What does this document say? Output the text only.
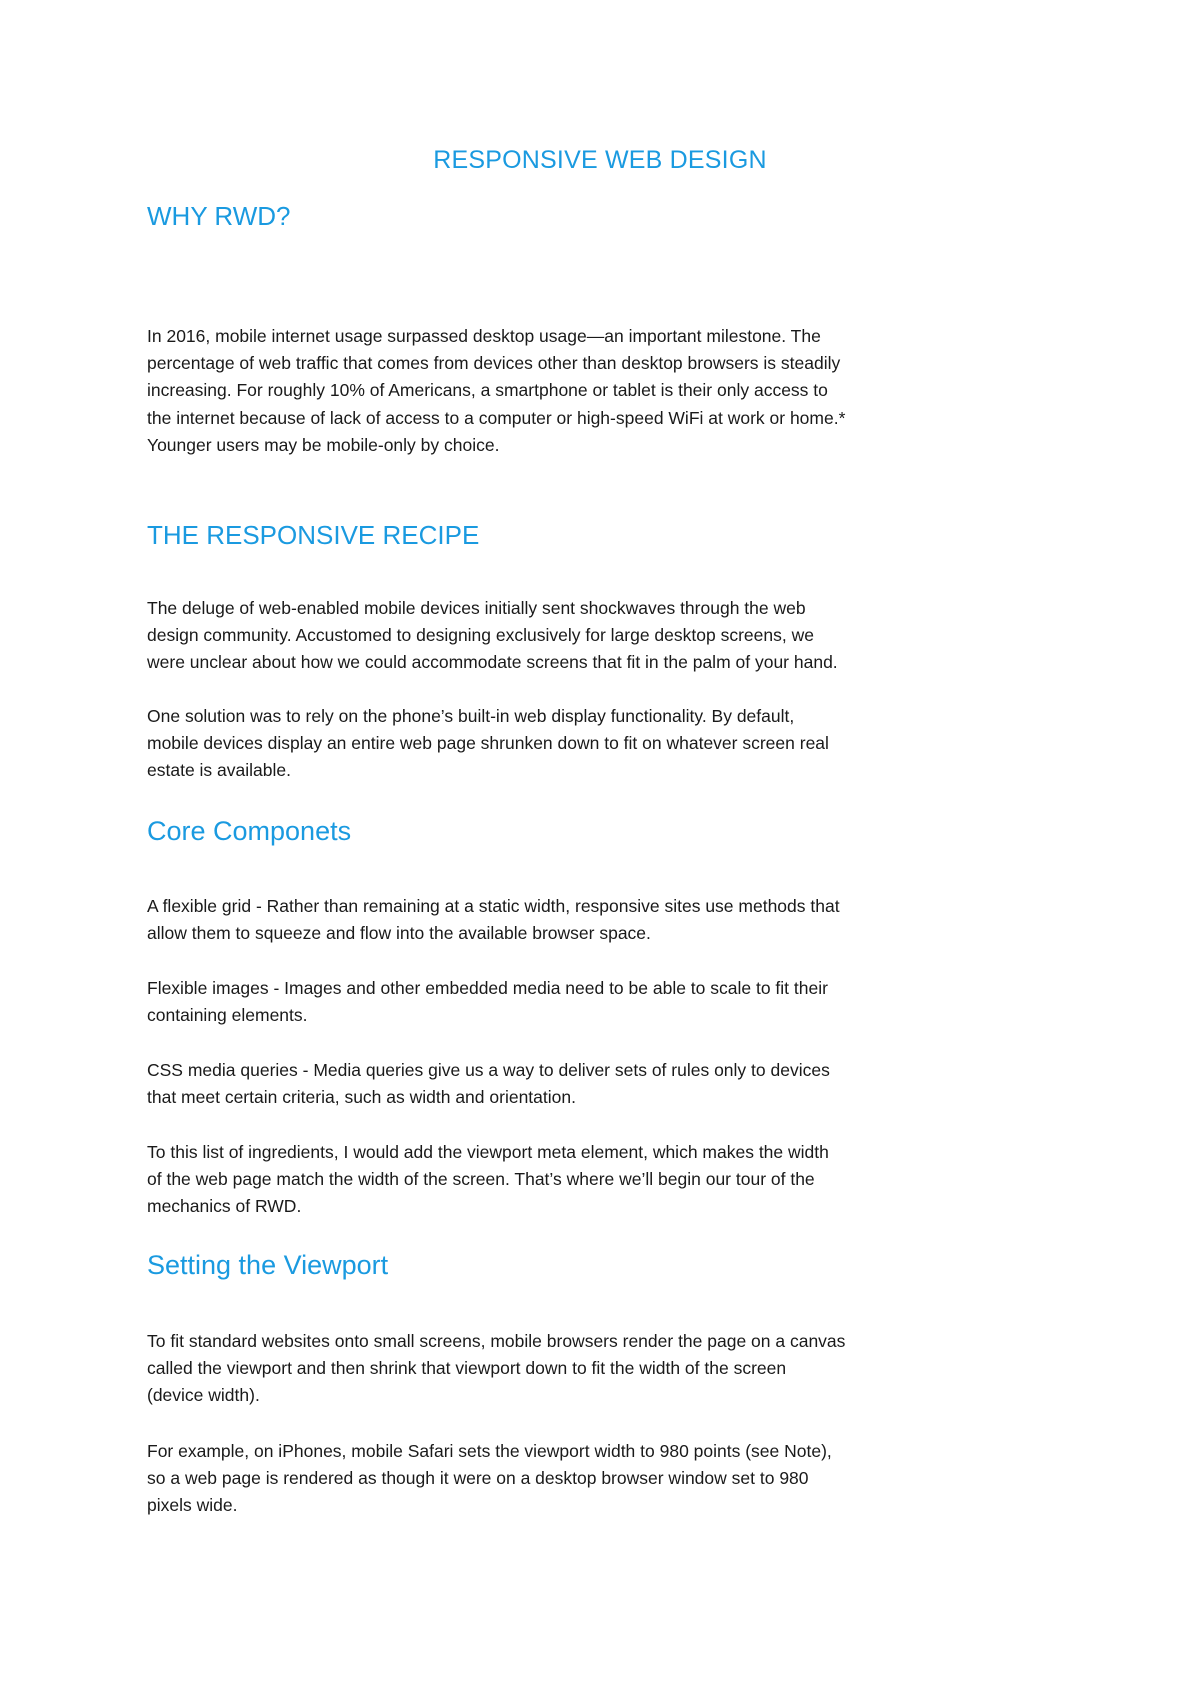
RESPONSIVE WEB DESIGN
WHY RWD?

In 2016, mobile internet usage surpassed desktop usage—an important milestone. The
percentage of web traffic that comes from devices other than desktop browsers is steadily
increasing. For roughly 10% of Americans, a smartphone or tablet is their only access to
the internet because of lack of access to a computer or high-speed WiFi at work or home.*
Younger users may be mobile-only by choice.

THE RESPONSIVE RECIPE

The deluge of web-enabled mobile devices initially sent shockwaves through the web
design community. Accustomed to designing exclusively for large desktop screens, we
were unclear about how we could accommodate screens that fit in the palm of your hand.

One solution was to rely on the phone’s built-in web display functionality. By default,
mobile devices display an entire web page shrunken down to fit on whatever screen real
estate is available.

Core Componets

A flexible grid - Rather than remaining at a static width, responsive sites use methods that
allow them to squeeze and flow into the available browser space.

Flexible images - Images and other embedded media need to be able to scale to fit their
containing elements.

CSS media queries - Media queries give us a way to deliver sets of rules only to devices
that meet certain criteria, such as width and orientation.

To this list of ingredients, I would add the viewport meta element, which makes the width
of the web page match the width of the screen. That’s where we’ll begin our tour of the
mechanics of RWD.

Setting the Viewport

To fit standard websites onto small screens, mobile browsers render the page on a canvas
called the viewport and then shrink that viewport down to fit the width of the screen
(device width).

For example, on iPhones, mobile Safari sets the viewport width to 980 points (see Note),
so a web page is rendered as though it were on a desktop browser window set to 980
pixels wide.
